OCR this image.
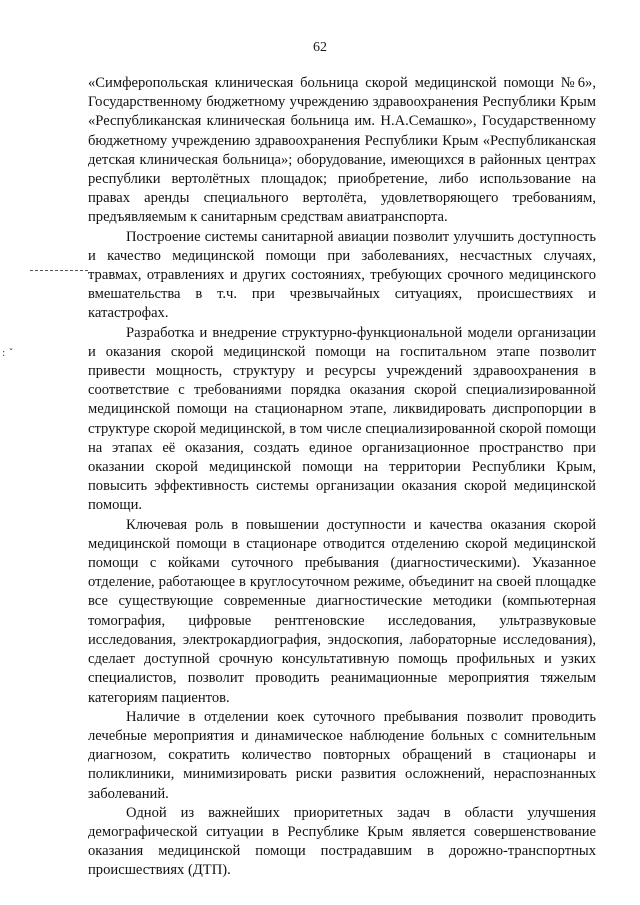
62
: ˇ

«Симферопольская клиническая больница скорой медицинской помощи №6», Государственному бюджетному учреждению здравоохранения Республики Крым «Республиканская клиническая больница им. Н.А.Семашко», Государственному бюджетному учреждению здравоохранения Республики Крым «Республиканская детская клиническая больница»; оборудование, имеющихся в районных центрах республики вертолётных площадок; приобретение, либо использование на правах аренды специального вертолёта, удовлетворяющего требованиям, предъявляемым к санитарным средствам авиатранспорта.

Построение системы санитарной авиации позволит улучшить доступность и качество медицинской помощи при заболеваниях, несчастных случаях, травмах, отравлениях и других состояниях, требующих срочного медицинского вмешательства в т.ч. при чрезвычайных ситуациях, происшествиях и катастрофах.

Разработка и внедрение структурно-функциональной модели организации и оказания скорой медицинской помощи на госпитальном этапе позволит привести мощность, структуру и ресурсы учреждений здравоохранения в соответствие с требованиями порядка оказания скорой специализированной медицинской помощи на стационарном этапе, ликвидировать диспропорции в структуре скорой медицинской, в том числе специализированной скорой помощи на этапах её оказания, создать единое организационное пространство при оказании скорой медицинской помощи на территории Республики Крым, повысить эффективность системы организации оказания скорой медицинской помощи.

Ключевая роль в повышении доступности и качества оказания скорой медицинской помощи в стационаре отводится отделению скорой медицинской помощи с койками суточного пребывания (диагностическими). Указанное отделение, работающее в круглосуточном режиме, объединит на своей площадке все существующие современные диагностические методики (компьютерная томография, цифровые рентгеновские исследования, ультразвуковые исследования, электрокардиография, эндоскопия, лабораторные исследования), сделает доступной срочную консультативную помощь профильных и узких специалистов, позволит проводить реанимационные мероприятия тяжелым категориям пациентов.

Наличие в отделении коек суточного пребывания позволит проводить лечебные мероприятия и динамическое наблюдение больных с сомнительным диагнозом, сократить количество повторных обращений в стационары и поликлиники, минимизировать риски развития осложнений, нераспознанных заболеваний.

Одной из важнейших приоритетных задач в области улучшения демографической ситуации в Республике Крым является совершенствование оказания медицинской помощи пострадавшим в дорожно-транспортных происшествиях (ДТП).
